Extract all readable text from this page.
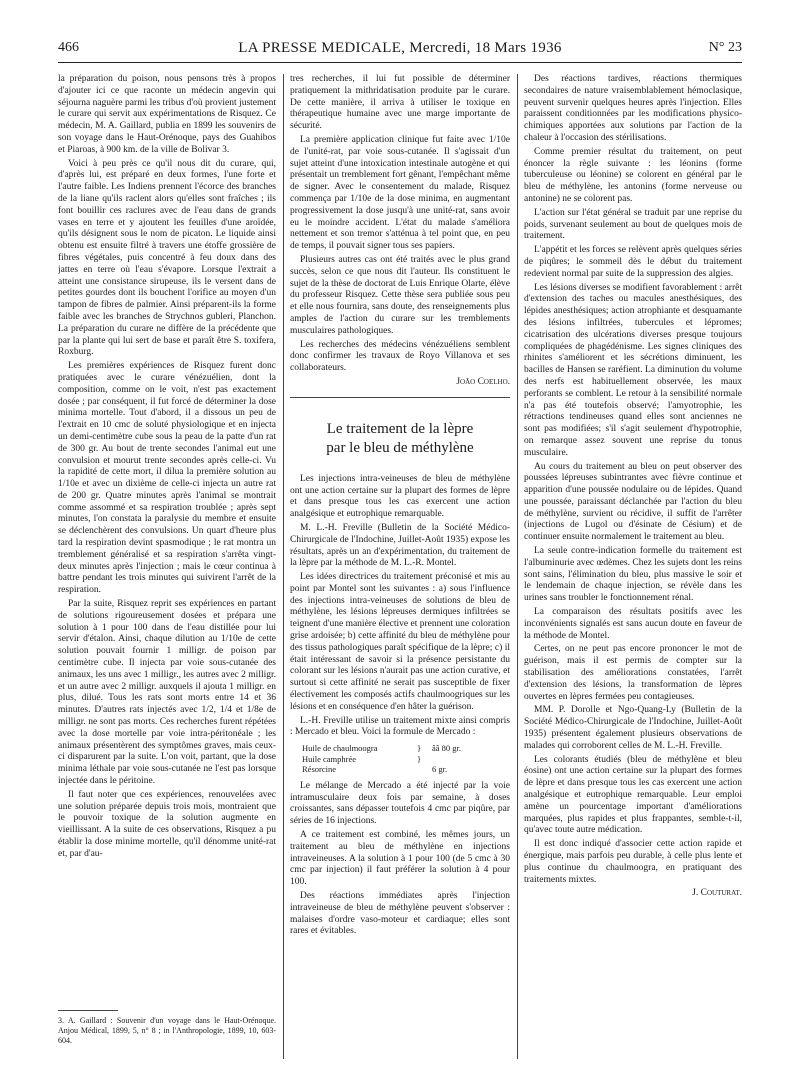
466	LA PRESSE MEDICALE, Mercredi, 18 Mars 1936	N° 23

la préparation du poison, nous pensons très à propos d'ajouter ici ce que raconte un médecin angevin qui séjourna naguère parmi les tribus d'où provient justement le curare qui servit aux expérimentations de Risquez. Ce médecin, M. A. Gaillard, publia en 1899 les souvenirs de son voyage dans le Haut-Orénoque, pays des Guahibos et Piaroas, à 900 km. de la ville de Bolivar 3.

Voici à peu près ce qu'il nous dit du curare, qui, d'après lui, est préparé en deux formes, l'une forte et l'autre faible. Les Indiens prennent l'écorce des branches de la liane qu'ils raclent alors qu'elles sont fraîches ; ils font bouillir ces raclures avec de l'eau dans de grands vases en terre et y ajoutent les feuilles d'une aroïdée, qu'ils désignent sous le nom de picaton. Le liquide ainsi obtenu est ensuite filtré à travers une étoffe grossière de fibres végétales, puis concentré à feu doux dans des jattes en terre où l'eau s'évapore. Lorsque l'extrait a atteint une consistance sirupeuse, ils le versent dans de petites gourdes dont ils bouchent l'orifice au moyen d'un tampon de fibres de palmier. Ainsi préparent-ils la forme faible avec les branches de Strychnos gubleri, Planchon. La préparation du curare ne diffère de la précédente que par la plante qui lui sert de base et paraît être S. toxifera, Roxburg.

Les premières expériences de Risquez furent donc pratiquées avec le curare vénézuélien, dont la composition, comme on le voit, n'est pas exactement dosée ; par conséquent, il fut forcé de déterminer la dose minima mortelle. Tout d'abord, il a dissous un peu de l'extrait en 10 cmc de soluté physiologique et en injecta un demi-centimètre cube sous la peau de la patte d'un rat de 300 gr. Au bout de trente secondes l'animal eut une convulsion et mourut trente secondes après celle-ci. Vu la rapidité de cette mort, il dilua la première solution au 1/10e et avec un dixième de celle-ci injecta un autre rat de 200 gr. Quatre minutes après l'animal se montrait comme assommé et sa respiration troublée ; après sept minutes, l'on constata la paralysie du membre et ensuite se déclenchèrent des convulsions. Un quart d'heure plus tard la respiration devint spasmodique ; le rat montra un tremblement généralisé et sa respiration s'arrêta vingt-deux minutes après l'injection ; mais le cœur continua à battre pendant les trois minutes qui suivirent l'arrêt de la respiration.

Par la suite, Risquez reprit ses expériences en partant de solutions rigoureusement dosées et prépara une solution à 1 pour 100 dans de l'eau distillée pour lui servir d'étalon. Ainsi, chaque dilution au 1/10e de cette solution pouvait fournir 1 milligr. de poison par centimètre cube. Il injecta par voie sous-cutanée des animaux, les uns avec 1 milligr., les autres avec 2 milligr. et un autre avec 2 milligr. auxquels il ajouta 1 milligr. en plus, dilué. Tous les rats sont morts entre 14 et 36 minutes. D'autres rats injectés avec 1/2, 1/4 et 1/8e de milligr. ne sont pas morts. Ces recherches furent répétées avec la dose mortelle par voie intra-péritonéale ; les animaux présentèrent des symptômes graves, mais ceux-ci disparurent par la suite. L'on voit, partant, que la dose minima léthale par voie sous-cutanée ne l'est pas lorsque injectée dans le péritoine.

Il faut noter que ces expériences, renouvelées avec une solution préparée depuis trois mois, montraient que le pouvoir toxique de la solution augmente en vieillissant. A la suite de ces observations, Risquez a pu établir la dose minime mortelle, qu'il dénomme unité-rat et, par d'au-

3. A. Gaillard : Souvenir d'un voyage dans le Haut-Orénoque. Anjou Médical, 1899, 5, n° 8 ; in l'Anthropologie, 1899, 10, 603-604.

tres recherches, il lui fut possible de déterminer pratiquement la mithridatisation produite par le curare. De cette manière, il arriva à utiliser le toxique en thérapeutique humaine avec une marge importante de sécurité.

La première application clinique fut faite avec 1/10e de l'unité-rat, par voie sous-cutanée. Il s'agissait d'un sujet atteint d'une intoxication intestinale autogène et qui présentait un tremblement fort gênant, l'empêchant même de signer. Avec le consentement du malade, Risquez commença par 1/10e de la dose minima, en augmentant progressivement la dose jusqu'à une unité-rat, sans avoir eu le moindre accident. L'état du malade s'améliora nettement et son tremor s'atténua à tel point que, en peu de temps, il pouvait signer tous ses papiers.

Plusieurs autres cas ont été traités avec le plus grand succès, selon ce que nous dit l'auteur. Ils constituent le sujet de la thèse de doctorat de Luis Enrique Olarte, élève du professeur Risquez. Cette thèse sera publiée sous peu et elle nous fournira, sans doute, des renseignements plus amples de l'action du curare sur les tremblements musculaires pathologiques.

Les recherches des médecins vénézuéliens semblent donc confirmer les travaux de Royo Villanova et ses collaborateurs.

João Coelho.

Le traitement de la lèpre
par le bleu de méthylène

Les injections intra-veineuses de bleu de méthylène ont une action certaine sur la plupart des formes de lèpre et dans presque tous les cas exercent une action analgésique et eutrophique remarquable.

M. L.-H. Freville (Bulletin de la Société Médico-Chirurgicale de l'Indochine, Juillet-Août 1935) expose les résultats, après un an d'expérimentation, du traitement de la lèpre par la méthode de M. L.-R. Montel.

Les idées directrices du traitement préconisé et mis au point par Montel sont les suivantes : a) sous l'influence des injections intra-veineuses de solutions de bleu de méthylène, les lésions lépreuses dermiques infiltrées se teignent d'une manière élective et prennent une coloration grise ardoisée; b) cette affinité du bleu de méthylène pour des tissus pathologiques paraît spécifique de la lèpre; c) il était intéressant de savoir si la présence persistante du colorant sur les lésions n'aurait pas une action curative, et surtout si cette affinité ne serait pas susceptible de fixer électivement les composés actifs chaulmoogriques sur les lésions et en conséquence d'en hâter la guérison.

L.-H. Freville utilise un traitement mixte ainsi compris : Mercado et bleu. Voici la formule de Mercado :

Huile de chaulmoogra	}	ââ 80 gr.
Huile camphrée	}
Résorcine	6 gr.

Le mélange de Mercado a été injecté par la voie intramusculaire deux fois par semaine, à doses croissantes, sans dépasser toutefois 4 cmc par piqûre, par séries de 16 injections.

A ce traitement est combiné, les mêmes jours, un traitement au bleu de méthylène en injections intraveineuses. A la solution à 1 pour 100 (de 5 cmc à 30 cmc par injection) il faut préférer la solution à 4 pour 100.

Des réactions immédiates après l'injection intraveineuse de bleu de méthylène peuvent s'observer : malaises d'ordre vaso-moteur et cardiaque; elles sont rares et évitables.

Des réactions tardives, réactions thermiques secondaires de nature vraisemblablement hémoclasique, peuvent survenir quelques heures après l'injection. Elles paraissent conditionnées par les modifications physico-chimiques apportées aux solutions par l'action de la chaleur à l'occasion des stérilisations.

Comme premier résultat du traitement, on peut énoncer la règle suivante : les léonins (forme tuberculeuse ou léonine) se colorent en général par le bleu de méthylène, les antonins (forme nerveuse ou antonine) ne se colorent pas.

L'action sur l'état général se traduit par une reprise du poids, survenant seulement au bout de quelques mois de traitement.

L'appétit et les forces se relèvent après quelques séries de piqûres; le sommeil dès le début du traitement redevient normal par suite de la suppression des algies.

Les lésions diverses se modifient favorablement : arrêt d'extension des taches ou macules anesthésiques, des lépides anesthésiques; action atrophiante et desquamante des lésions infiltrées, tubercules et lépromes; cicatrisation des ulcérations diverses presque toujours compliquées de phagédénisme. Les signes cliniques des rhinites s'améliorent et les sécrétions diminuent, les bacilles de Hansen se raréfient. La diminution du volume des nerfs est habituellement observée, les maux perforants se comblent. Le retour à la sensibilité normale n'a pas été toutefois observé; l'amyotrophie, les rétractions tendineuses quand elles sont anciennes ne sont pas modifiées; s'il s'agit seulement d'hypotrophie, on remarque assez souvent une reprise du tonus musculaire.

Au cours du traitement au bleu on peut observer des poussées lépreuses subintrantes avec fièvre continue et apparition d'une poussée nodulaire ou de lépides. Quand une poussée, paraissant déclanchée par l'action du bleu de méthylène, survient ou récidive, il suffit de l'arrêter (injections de Lugol ou d'ésinate de Césium) et de continuer ensuite normalement le traitement au bleu.

La seule contre-indication formelle du traitement est l'albuminurie avec œdèmes. Chez les sujets dont les reins sont sains, l'élimination du bleu, plus massive le soir et le lendemain de chaque injection, se révèle dans les urines sans troubler le fonctionnement rénal.

La comparaison des résultats positifs avec les inconvénients signalés est sans aucun doute en faveur de la méthode de Montel.

Certes, on ne peut pas encore prononcer le mot de guérison, mais il est permis de compter sur la stabilisation des améliorations constatées, l'arrêt d'extension des lésions, la transformation de lèpres ouvertes en lèpres fermées peu contagieuses.

MM. P. Dorolle et Ngo-Quang-Ly (Bulletin de la Société Médico-Chirurgicale de l'Indochine, Juillet-Août 1935) présentent également plusieurs observations de malades qui corroborent celles de M. L.-H. Freville.

Les colorants étudiés (bleu de méthylène et bleu éosine) ont une action certaine sur la plupart des formes de lèpre et dans presque tous les cas exercent une action analgésique et eutrophique remarquable. Leur emploi amène un pourcentage important d'améliorations marquées, plus rapides et plus frappantes, semble-t-il, qu'avec toute autre médication.

Il est donc indiqué d'associer cette action rapide et énergique, mais parfois peu durable, à celle plus lente et plus continue du chaulmoogra, en pratiquant des traitements mixtes.

J. Couturat.
